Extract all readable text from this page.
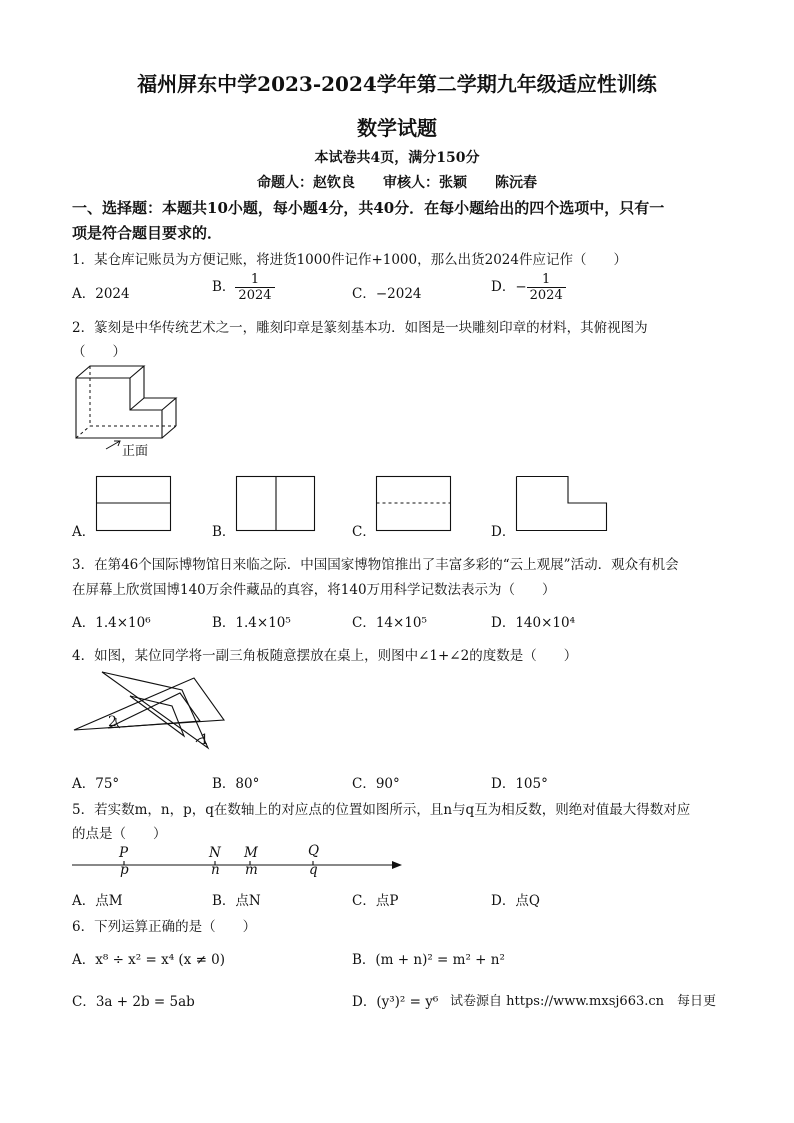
福州屏东中学2023-2024学年第二学期九年级适应性训练
数学试题
本试卷共4页，满分150分
命题人：赵钦良　　审核人：张颖　　陈沅春
一、选择题：本题共10小题，每小题4分，共40分．在每小题给出的四个选项中，只有一
项是符合题目要求的．
1．某仓库记账员为方便记账，将进货1000件记作+1000，那么出货2024件应记作（　　）
A．2024	B． $\frac{1}{2024}$	C．−2024	D．− $\frac{1}{2024}$
2．篆刻是中华传统艺术之一，雕刻印章是篆刻基本功．如图是一块雕刻印章的材料，其俯视图为
（　　）
正面
A．	B．	C．	D．
3．在第46个国际博物馆日来临之际．中国国家博物馆推出了丰富多彩的“云上观展”活动．观众有机会
在屏幕上欣赏国博140万余件藏品的真容，将140万用科学记数法表示为（　　）
A．1.4×10⁶	B．1.4×10⁵	C．14×10⁵	D．140×10⁴
4．如图，某位同学将一副三角板随意摆放在桌上，则图中∠1+∠2的度数是（　　）
2
1
A．75°	B．80°	C．90°	D．105°
5．若实数m，n，p，q在数轴上的对应点的位置如图所示，且n与q互为相反数，则绝对值最大得数对应
的点是（　　）
P
p
N
n
M
m
Q
q
A．点M	B．点N	C．点P	D．点Q
6．下列运算正确的是（　　）
A．x⁸ ÷ x² = x⁴ (x ≠ 0)	B．(m + n)² = m² + n²
C．3a + 2b = 5ab	D．(y³)² = y⁶ 试卷源自 https://www.mxsj663.cn　每日更
